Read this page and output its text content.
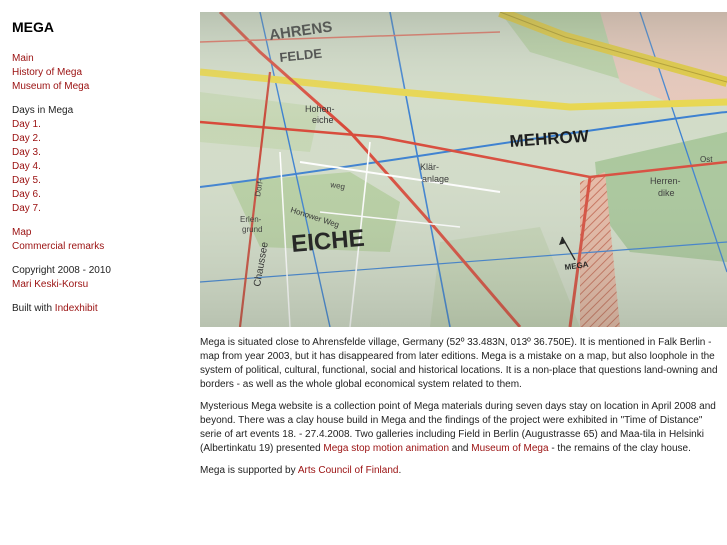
MEGA
Main
History of Mega
Museum of Mega
Days in Mega
Day 1.
Day 2.
Day 3.
Day 4.
Day 5.
Day 6.
Day 7.
Map
Commercial remarks
Copyright 2008 - 2010
Mari Keski-Korsu
Built with Indexhibit

Mega is situated close to Ahrensfelde village, Germany (52º 33.483N, 013º 36.750E). It is mentioned in Falk Berlin -map from year 2003, but it has disappeared from later editions. Mega is a mistake on a map, but also loophole in the system of political, cultural, functional, social and historical locations. It is a non-place that questions land-owning and borders - as well as the whole global economical system related to them.

Mysterious Mega website is a collection point of Mega materials during seven days stay on location in April 2008 and beyond. There was a clay house build in Mega and the findings of the project were exhibited in "Time of Distance" serie of art events 18. - 27.4.2008. Two galleries including Field in Berlin (Augustrasse 65) and Maa-tila in Helsinki (Albertinkatu 19) presented Mega stop motion animation and Museum of Mega - the remains of the clay house.

Mega is supported by Arts Council of Finland.
